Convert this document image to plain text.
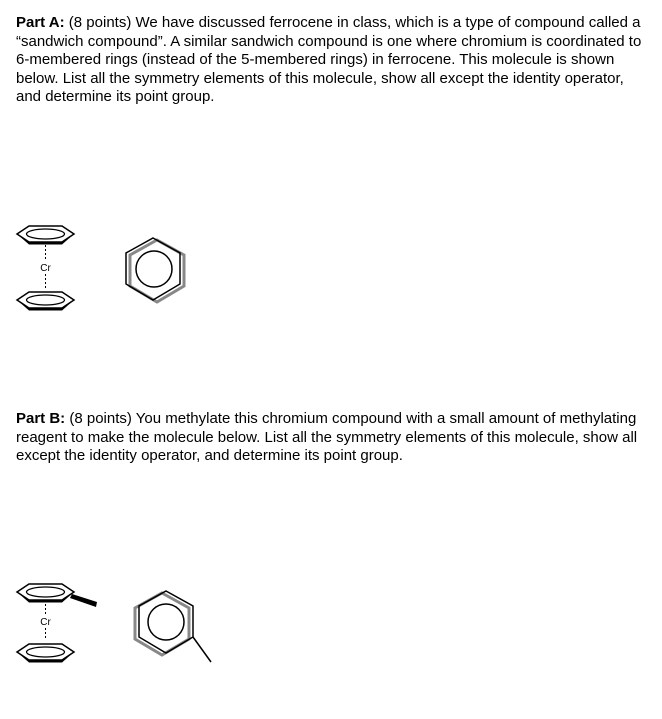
Part A: (8 points) We have discussed ferrocene in class, which is a type of compound called a “sandwich compound”. A similar sandwich compound is one where chromium is coordinated to 6-membered rings (instead of the 5-membered rings) in ferrocene. This molecule is shown below. List all the symmetry elements of this molecule, show all except the identity operator, and determine its point group.

Cr

Part B: (8 points) You methylate this chromium compound with a small amount of methylating reagent to make the molecule below. List all the symmetry elements of this molecule, show all except the identity operator, and determine its point group.

Cr
